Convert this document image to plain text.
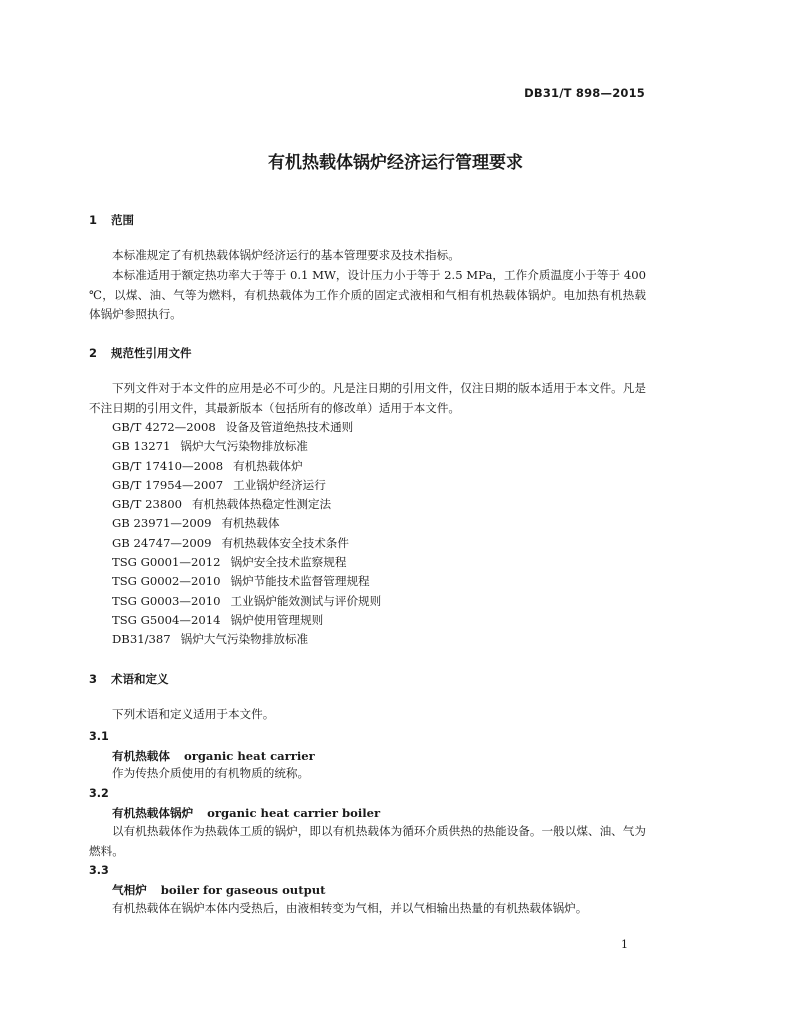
DB31/T 898—2015
有机热载体锅炉经济运行管理要求
1 范围
本标准规定了有机热载体锅炉经济运行的基本管理要求及技术指标。
本标准适用于额定热功率大于等于 0.1 MW，设计压力小于等于 2.5 MPa，工作介质温度小于等于 400 ℃，以煤、油、气等为燃料，有机热载体为工作介质的固定式液相和气相有机热载体锅炉。电加热有机热载体锅炉参照执行。
2 规范性引用文件
下列文件对于本文件的应用是必不可少的。凡是注日期的引用文件，仅注日期的版本适用于本文件。凡是不注日期的引用文件，其最新版本（包括所有的修改单）适用于本文件。
GB/T 4272—2008 设备及管道绝热技术通则
GB 13271 锅炉大气污染物排放标准
GB/T 17410—2008 有机热载体炉
GB/T 17954—2007 工业锅炉经济运行
GB/T 23800 有机热载体热稳定性测定法
GB 23971—2009 有机热载体
GB 24747—2009 有机热载体安全技术条件
TSG G0001—2012 锅炉安全技术监察规程
TSG G0002—2010 锅炉节能技术监督管理规程
TSG G0003—2010 工业锅炉能效测试与评价规则
TSG G5004—2014 锅炉使用管理规则
DB31/387 锅炉大气污染物排放标准
3 术语和定义
下列术语和定义适用于本文件。
3.1
有机热载体 organic heat carrier
作为传热介质使用的有机物质的统称。
3.2
有机热载体锅炉 organic heat carrier boiler
以有机热载体作为热载体工质的锅炉，即以有机热载体为循环介质供热的热能设备。一般以煤、油、气为燃料。
3.3
气相炉 boiler for gaseous output
有机热载体在锅炉本体内受热后，由液相转变为气相，并以气相输出热量的有机热载体锅炉。
1
